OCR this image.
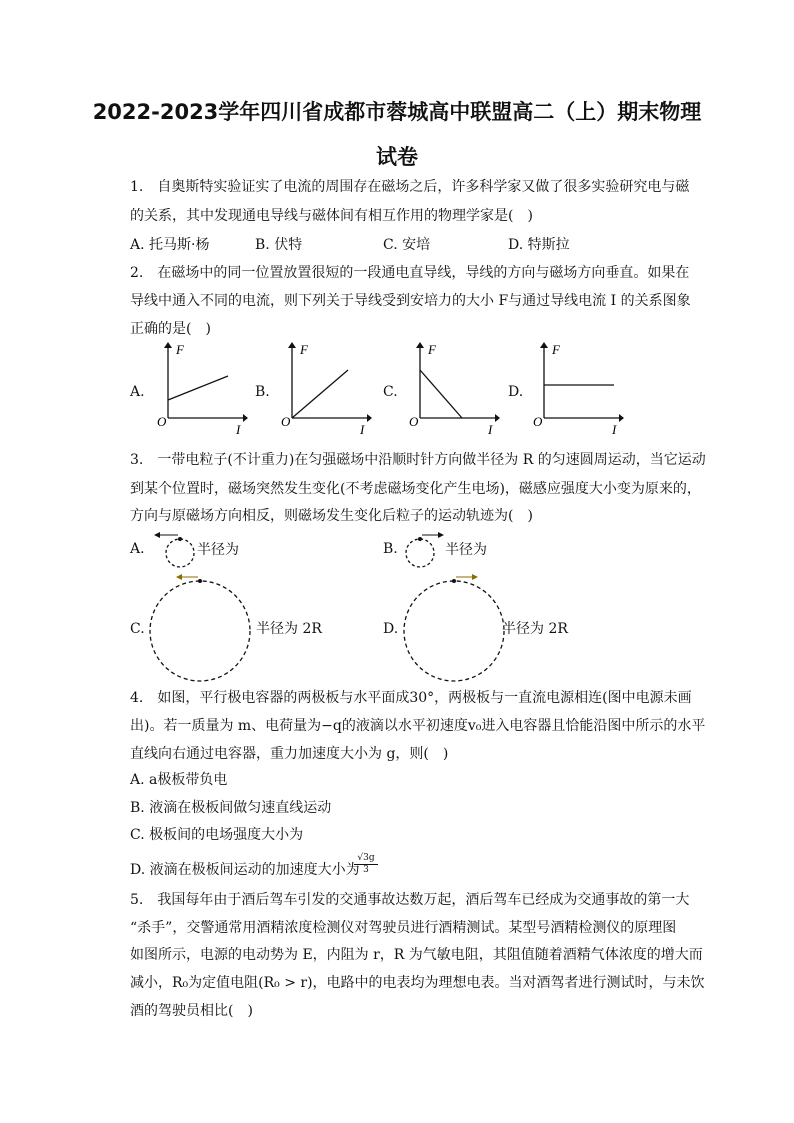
2022-2023学年四川省成都市蓉城高中联盟高二（上）期末物理
试卷
1.　自奥斯特实验证实了电流的周围存在磁场之后，许多科学家又做了很多实验研究电与磁
的关系，其中发现通电导线与磁体间有相互作用的物理学家是(　)
A. 托马斯·杨	B. 伏特	C. 安培	D. 特斯拉
2.　在磁场中的同一位置放置很短的一段通电直导线，导线的方向与磁场方向垂直。如果在
导线中通入不同的电流，则下列关于导线受到安培力的大小 F与通过导线电流 I 的关系图象
正确的是(　)
A.	B.	C.	D.
F
O
I
F
O
I
F
O
I
F
O
I
3.　一带电粒子(不计重力)在匀强磁场中沿顺时针方向做半径为 R 的匀速圆周运动，当它运动
到某个位置时，磁场突然发生变化(不考虑磁场变化产生电场)，磁感应强度大小变为原来的，
方向与原磁场方向相反，则磁场发生变化后粒子的运动轨迹为(　)
A.	半径为	B.	半径为
C.	半径为 2R	D.	半径为 2R
4.　如图，平行极电容器的两极板与水平面成30°，两极板与一直流电源相连(图中电源未画
出)。若一质量为 m、电荷量为−q的液滴以水平初速度v₀进入电容器且恰能沿图中所示的水平
直线向右通过电容器，重力加速度大小为 g，则(　)
A. a极板带负电
B. 液滴在极板间做匀速直线运动
C. 极板间的电场强度大小为
D. 液滴在极板间运动的加速度大小为
$\frac{√3g}{3}$
5.　我国每年由于酒后驾车引发的交通事故达数万起，酒后驾车已经成为交通事故的第一大
“杀手”，交警通常用酒精浓度检测仪对驾驶员进行酒精测试。某型号酒精检测仪的原理图
如图所示，电源的电动势为 E，内阻为 r，R 为气敏电阻，其阻值随着酒精气体浓度的增大而
减小，R₀为定值电阻(R₀ > r)，电路中的电表均为理想电表。当对酒驾者进行测试时，与未饮
酒的驾驶员相比(　)
